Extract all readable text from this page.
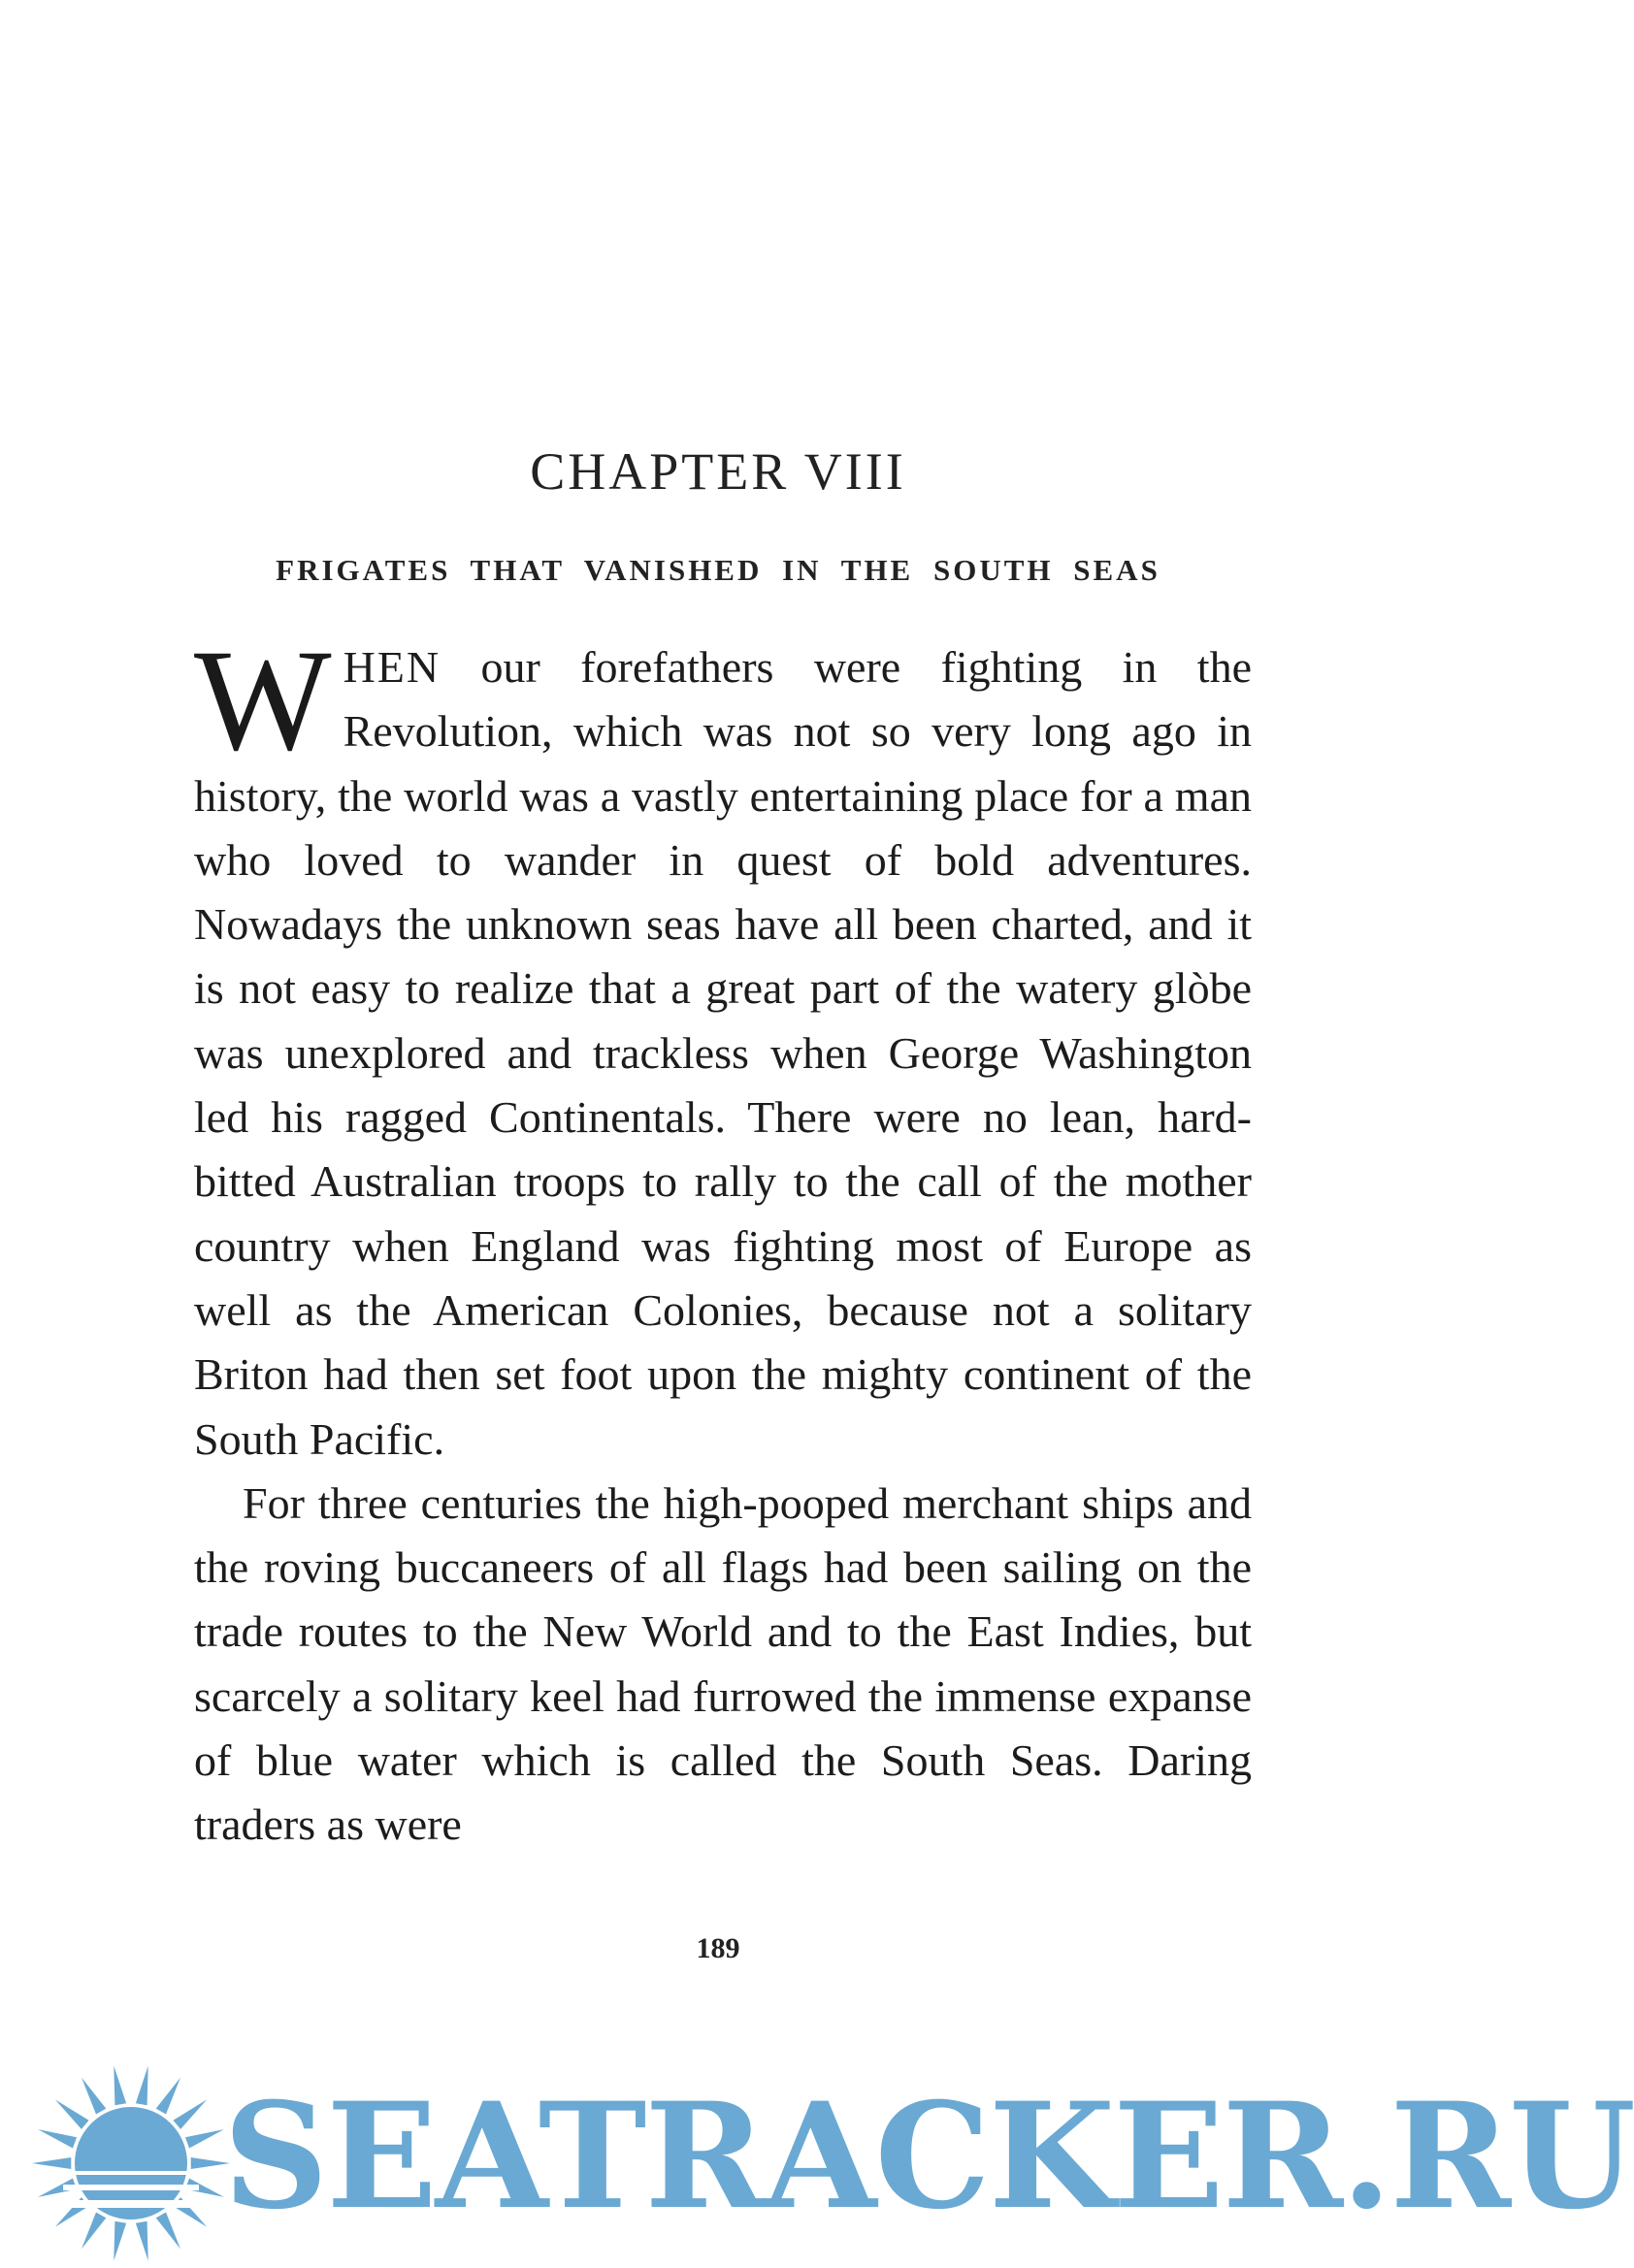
CHAPTER VIII
FRIGATES THAT VANISHED IN THE SOUTH SEAS

WHEN our forefathers were fighting in the Revolution, which was not so very long ago in history, the world was a vastly entertaining place for a man who loved to wander in quest of bold adventures. Nowadays the unknown seas have all been charted, and it is not easy to realize that a great part of the watery glòbe was unexplored and trackless when George Washington led his ragged Continentals. There were no lean, hard-bitted Australian troops to rally to the call of the mother country when England was fighting most of Europe as well as the American Colonies, because not a solitary Briton had then set foot upon the mighty continent of the South Pacific.

For three centuries the high-pooped merchant ships and the roving buccaneers of all flags had been sailing on the trade routes to the New World and to the East Indies, but scarcely a solitary keel had furrowed the immense expanse of blue water which is called the South Seas. Daring traders as were

189
SEATRACKER.RU
